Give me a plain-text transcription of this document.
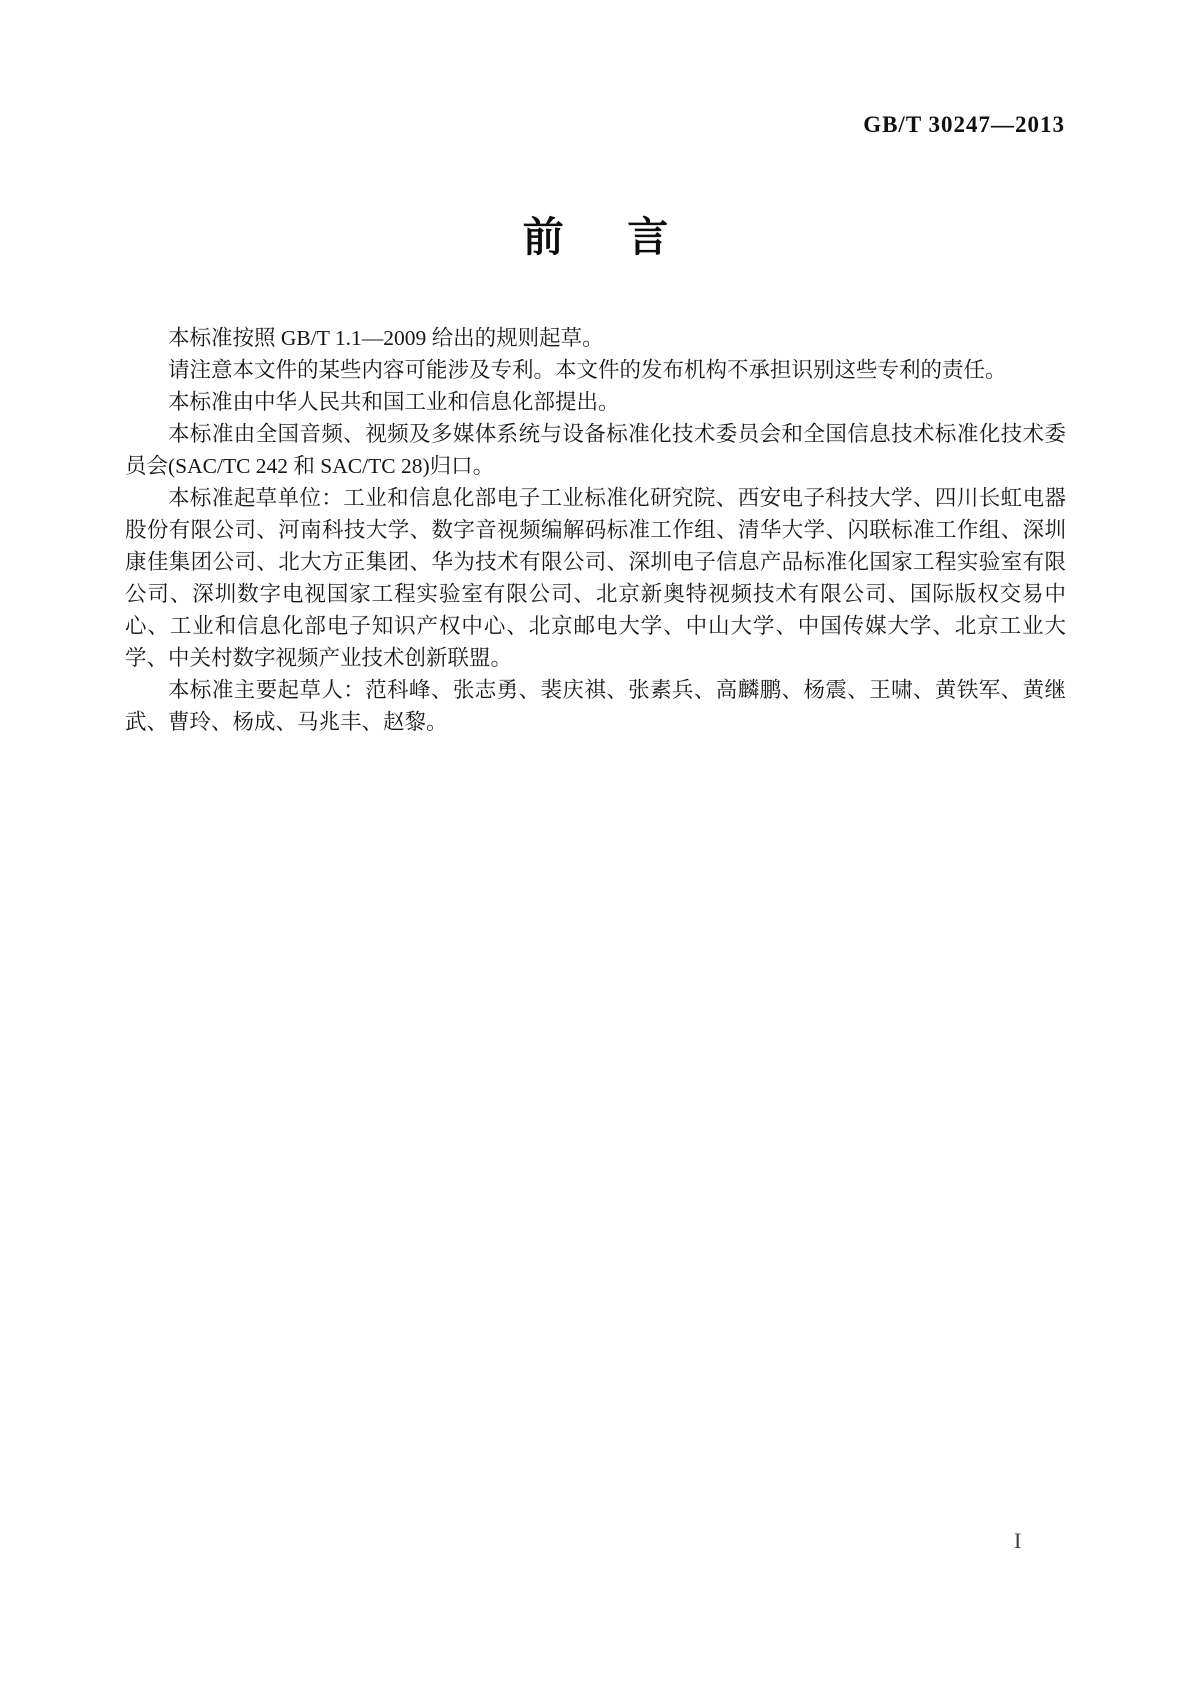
GB/T 30247—2013
前言

本标准按照 GB/T 1.1—2009 给出的规则起草。

请注意本文件的某些内容可能涉及专利。本文件的发布机构不承担识别这些专利的责任。

本标准由中华人民共和国工业和信息化部提出。

本标准由全国音频、视频及多媒体系统与设备标准化技术委员会和全国信息技术标准化技术委员会(SAC/TC 242 和 SAC/TC 28)归口。

本标准起草单位：工业和信息化部电子工业标准化研究院、西安电子科技大学、四川长虹电器股份有限公司、河南科技大学、数字音视频编解码标准工作组、清华大学、闪联标准工作组、深圳康佳集团公司、北大方正集团、华为技术有限公司、深圳电子信息产品标准化国家工程实验室有限公司、深圳数字电视国家工程实验室有限公司、北京新奥特视频技术有限公司、国际版权交易中心、工业和信息化部电子知识产权中心、北京邮电大学、中山大学、中国传媒大学、北京工业大学、中关村数字视频产业技术创新联盟。

本标准主要起草人：范科峰、张志勇、裴庆祺、张素兵、高麟鹏、杨震、王啸、黄铁军、黄继武、曹玲、杨成、马兆丰、赵黎。

I
